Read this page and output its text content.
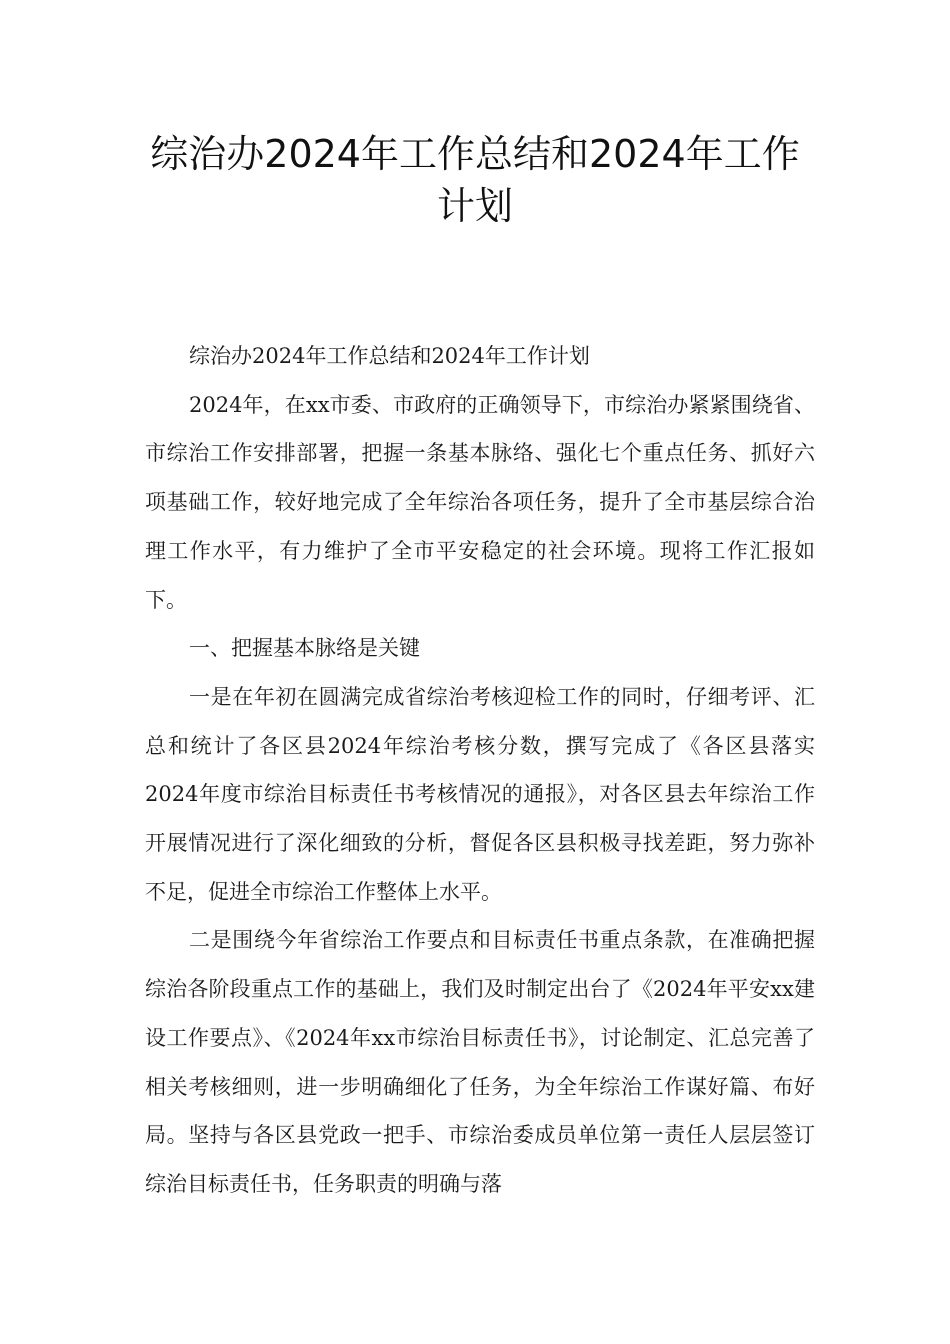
综治办2024年工作总结和2024年工作
计划

综治办2024年工作总结和2024年工作计划

2024年，在xx市委、市政府的正确领导下，市综治办紧紧围绕省、市综治工作安排部署，把握一条基本脉络、强化七个重点任务、抓好六项基础工作，较好地完成了全年综治各项任务，提升了全市基层综合治理工作水平，有力维护了全市平安稳定的社会环境。现将工作汇报如下。

一、把握基本脉络是关键

一是在年初在圆满完成省综治考核迎检工作的同时，仔细考评、汇总和统计了各区县2024年综治考核分数，撰写完成了《各区县落实2024年度市综治目标责任书考核情况的通报》，对各区县去年综治工作开展情况进行了深化细致的分析，督促各区县积极寻找差距，努力弥补不足，促进全市综治工作整体上水平。

二是围绕今年省综治工作要点和目标责任书重点条款，在准确把握综治各阶段重点工作的基础上，我们及时制定出台了《2024年平安xx建设工作要点》、《2024年xx市综治目标责任书》，讨论制定、汇总完善了相关考核细则，进一步明确细化了任务，为全年综治工作谋好篇、布好局。坚持与各区县党政一把手、市综治委成员单位第一责任人层层签订综治目标责任书，任务职责的明确与落
